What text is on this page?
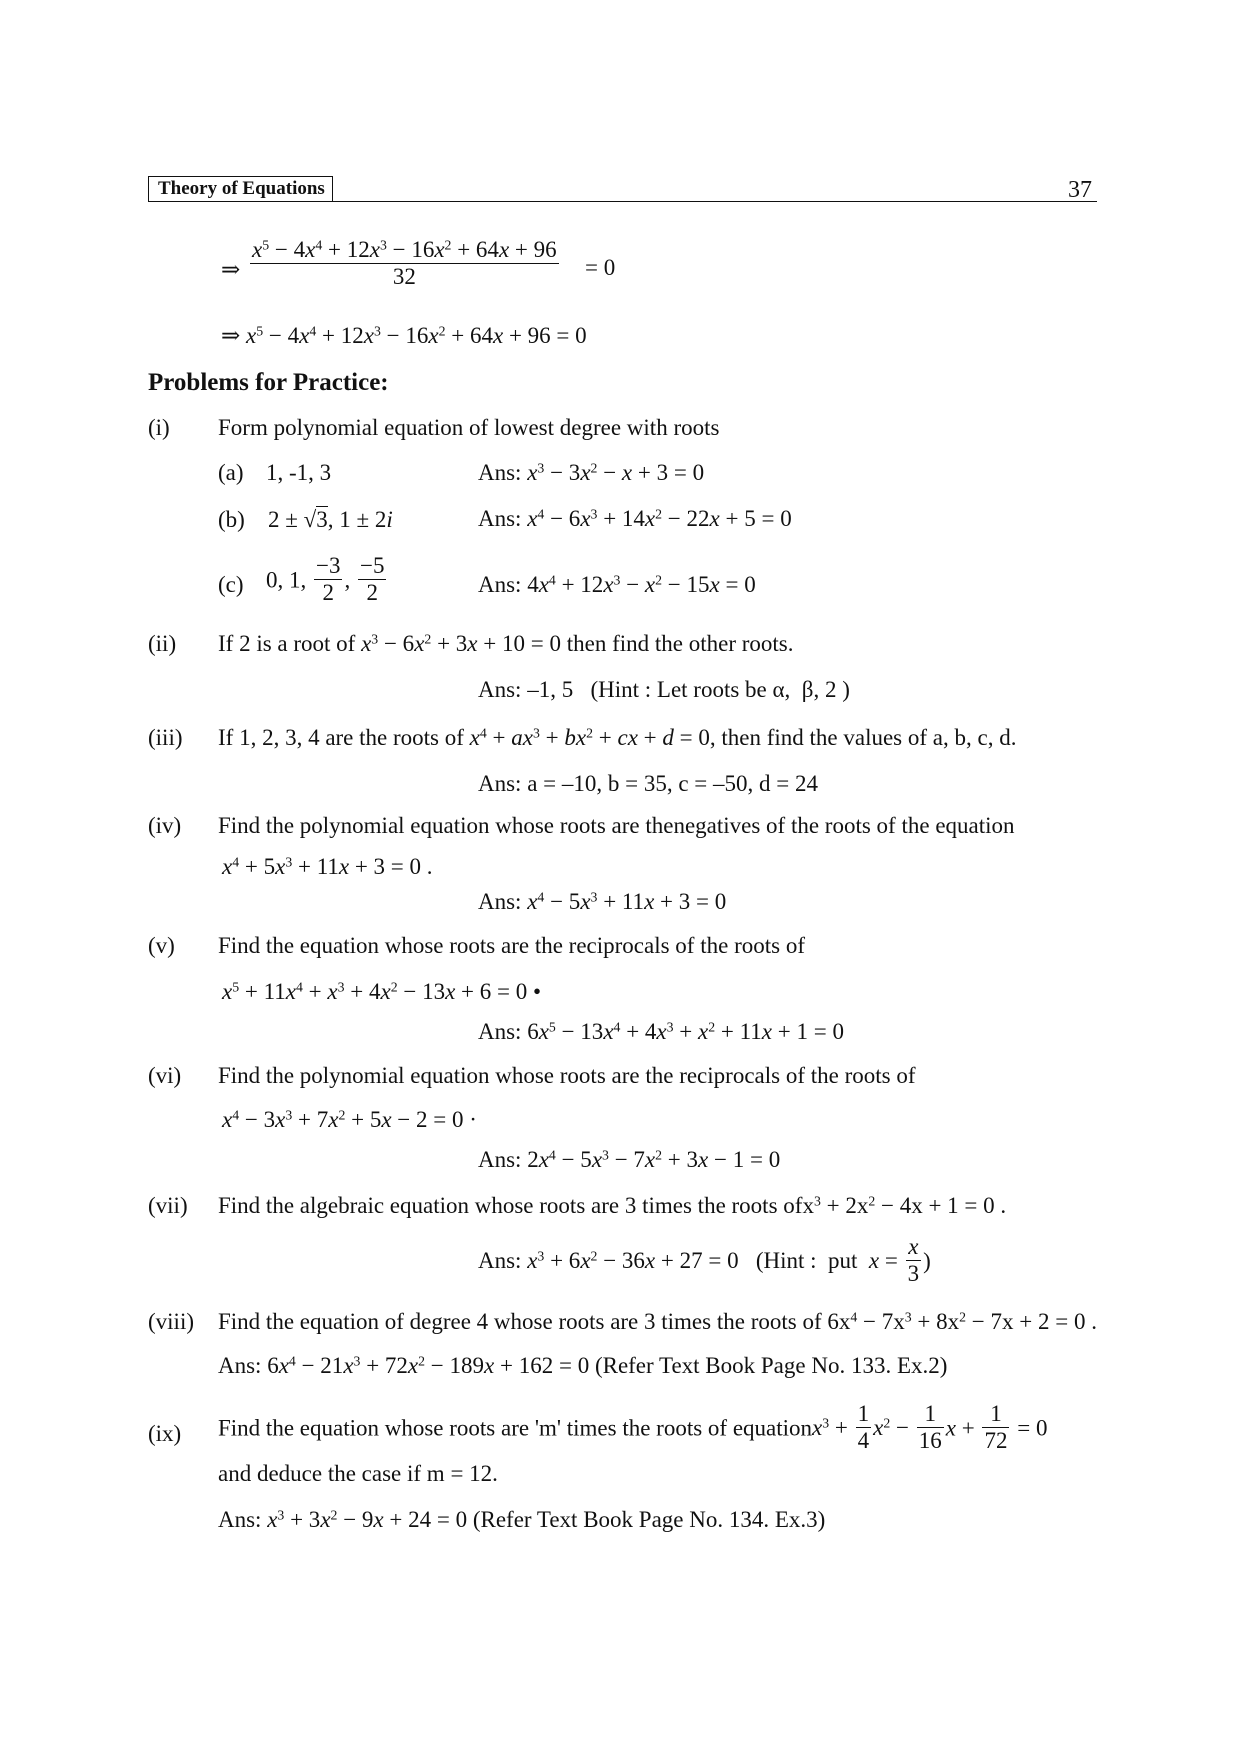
Theory of Equations	37
⇒ $\frac{x^5 - 4x^4 + 12x^3 - 16x^2 + 64x + 96}{32} = 0$
⇒ $x^5 - 4x^4 + 12x^3 - 16x^2 + 64x + 96 = 0$
Problems for Practice:
(i) Form polynomial equation of lowest degree with roots
(a) 1, -1, 3	Ans: $x^3 - 3x^2 - x + 3 = 0$
(b) 2 ± √3, 1 ± 2i	Ans: $x^4 - 6x^3 + 14x^2 - 22x + 5 = 0$
(c) 0, 1, $\frac{-3}{2}$ , $\frac{-5}{2}$	Ans: $4x^4 + 12x^3 - x^2 - 15x = 0$
(ii) If 2 is a root of $x^3 - 6x^2 + 3x + 10 = 0$ then find the other roots.
Ans: –1, 5   (Hint : Let roots be α,  β, 2 )
(iii) If 1, 2, 3, 4 are the roots of $x^4 + ax^3 + bx^2$ + cx + d = 0, then find the values of a, b, c, d.
Ans: a = –10, b = 35, c = –50, d = 24
(iv) Find the polynomial equation whose roots are thenegatives of the roots of the equation
$x^4 + 5x^3 + 11x + 3 = 0$ .
Ans: $x^4 - 5x^3 + 11x + 3 = 0$
(v) Find the equation whose roots are the reciprocals of the roots of
$x^5 + 11x^4 + x^3 + 4x^2 - 13x + 6 = 0$ •
Ans: $6x^5 - 13x^4 + 4x^3 + x^2 + 11x + 1 = 0$
(vi) Find the polynomial equation whose roots are the reciprocals of the roots of
$x^4 - 3x^3 + 7x^2 + 5x - 2 = 0$ ·
Ans: $2x^4 - 5x^3 - 7x^2 + 3x - 1 = 0$
(vii) Find the algebraic equation whose roots are 3 times the roots $ofx^3 + 2x^2 - 4x + 1 = 0$ .
Ans: $x^3 + 6x^2 - 36x + 27 = 0$   (Hint :  put  $x = \frac{x}{3}$ )
(viii) Find the equation of degree 4 whose roots are 3 times the roots of $6x^4 - 7x^3 + 8x^2 - 7x + 2 = 0$ .
Ans: $6x^4 - 21x^3 + 72x^2 - 189x + 162 = 0$ (Refer Text Book Page No. 133. Ex.2)
(ix) Find the equation whose roots are 'm' times the roots of equationx$^3$ + $\frac{1}{4} x^2 - \frac{1}{16}$ $x + \frac{1}{72} = 0$
and deduce the case if m = 12.
Ans: $x^3 + 3x^2 - 9x + 24 = 0$ (Refer Text Book Page No. 134. Ex.3)
